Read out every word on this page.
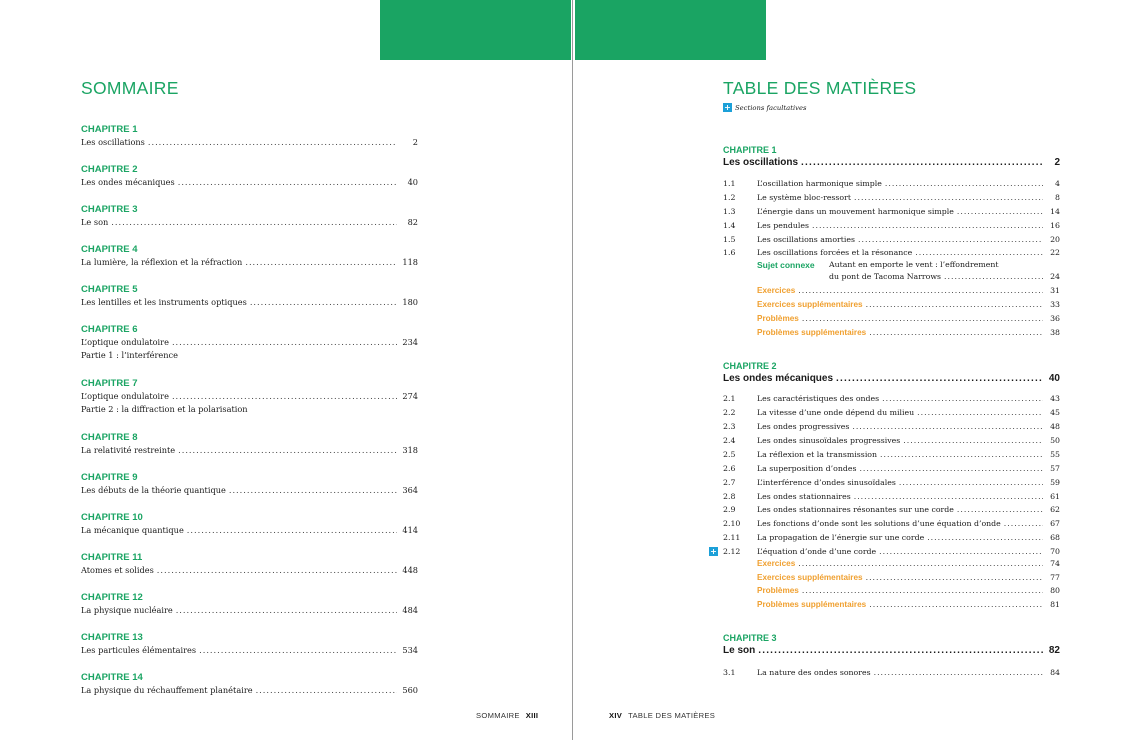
SOMMAIRE
CHAPITRE 1
Les oscillations .....	2
CHAPITRE 2
Les ondes mécaniques .....	40
CHAPITRE 3
Le son .....	82
CHAPITRE 4
La lumière, la réflexion et la réfraction .....	118
CHAPITRE 5
Les lentilles et les instruments optiques .....	180
CHAPITRE 6
L’optique ondulatoire .....	234
Partie 1 : l’interférence
CHAPITRE 7
L’optique ondulatoire .....	274
Partie 2 : la diffraction et la polarisation
CHAPITRE 8
La relativité restreinte .....	318
CHAPITRE 9
Les débuts de la théorie quantique .....	364
CHAPITRE 10
La mécanique quantique .....	414
CHAPITRE 11
Atomes et solides .....	448
CHAPITRE 12
La physique nucléaire .....	484
CHAPITRE 13
Les particules élémentaires .....	534
CHAPITRE 14
La physique du réchauffement planétaire .....	560
SOMMAIRE XIII
TABLE DES MATIÈRES
+ Sections facultatives
CHAPITRE 1
Les oscillations .....	2
1.1	L’oscillation harmonique simple .....	4
1.2	Le système bloc-ressort .....	8
1.3	L’énergie dans un mouvement harmonique simple .....	14
1.4	Les pendules .....	16
1.5	Les oscillations amorties .....	20
1.6	Les oscillations forcées et la résonance .....	22
Sujet connexe Autant en emporte le vent : l’effondrement
du pont de Tacoma Narrows .....	24
Exercices .....	31
Exercices supplémentaires .....	33
Problèmes .....	36
Problèmes supplémentaires .....	38
CHAPITRE 2
Les ondes mécaniques .....	40
2.1	Les caractéristiques des ondes .....	43
2.2	La vitesse d’une onde dépend du milieu .....	45
2.3	Les ondes progressives .....	48
2.4	Les ondes sinusoïdales progressives .....	50
2.5	La réflexion et la transmission .....	55
2.6	La superposition d’ondes .....	57
2.7	L’interférence d’ondes sinusoïdales .....	59
2.8	Les ondes stationnaires .....	61
2.9	Les ondes stationnaires résonantes sur une corde .....	62
2.10	Les fonctions d’onde sont les solutions d’une équation d’onde .....	67
2.11	La propagation de l’énergie sur une corde .....	68
+ 2.12	L’équation d’onde d’une corde .....	70
Exercices .....	74
Exercices supplémentaires .....	77
Problèmes .....	80
Problèmes supplémentaires .....	81
CHAPITRE 3
Le son .....	82
3.1	La nature des ondes sonores .....	84
XIV TABLE DES MATIÈRES
